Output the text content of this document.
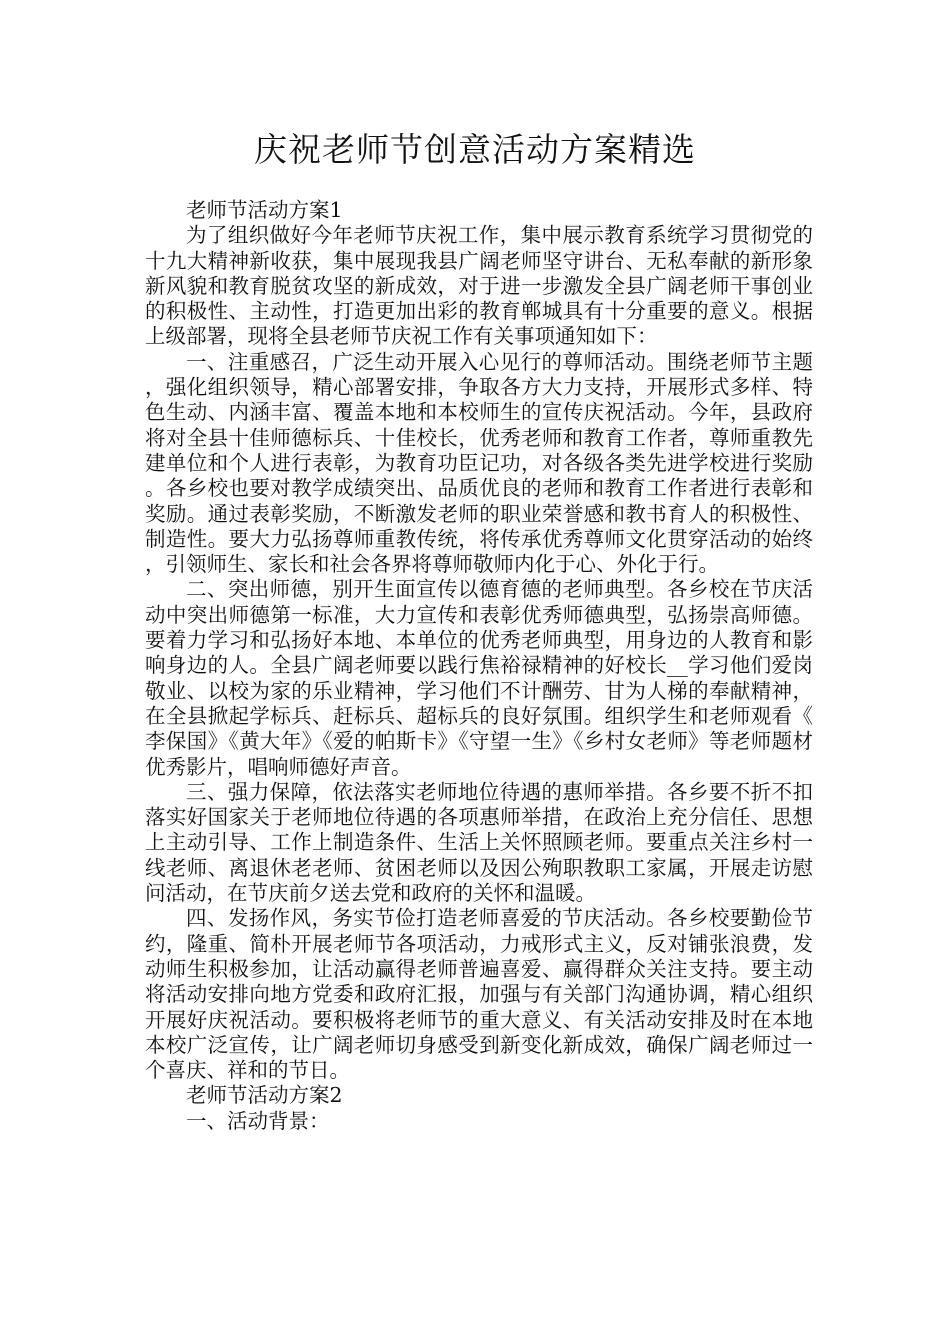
庆祝老师节创意活动方案精选

老师节活动方案1

为了组织做好今年老师节庆祝工作，集中展示教育系统学习贯彻党的十九大精神新收获，集中展现我县广阔老师坚守讲台、无私奉献的新形象新风貌和教育脱贫攻坚的新成效，对于进一步激发全县广阔老师干事创业的积极性、主动性，打造更加出彩的教育郸城具有十分重要的意义。根据上级部署，现将全县老师节庆祝工作有关事项通知如下：

一、注重感召，广泛生动开展入心见行的尊师活动。围绕老师节主题，强化组织领导，精心部署安排，争取各方大力支持，开展形式多样、特色生动、内涵丰富、覆盖本地和本校师生的宣传庆祝活动。今年，县政府将对全县十佳师德标兵、十佳校长，优秀老师和教育工作者，尊师重教先建单位和个人进行表彰，为教育功臣记功，对各级各类先进学校进行奖励。各乡校也要对教学成绩突出、品质优良的老师和教育工作者进行表彰和奖励。通过表彰奖励，不断激发老师的职业荣誉感和教书育人的积极性、制造性。要大力弘扬尊师重教传统，将传承优秀尊师文化贯穿活动的始终，引领师生、家长和社会各界将尊师敬师内化于心、外化于行。

二、突出师德，别开生面宣传以德育德的老师典型。各乡校在节庆活动中突出师德第一标准，大力宣传和表彰优秀师德典型，弘扬崇高师德。要着力学习和弘扬好本地、本单位的优秀老师典型，用身边的人教育和影响身边的人。全县广阔老师要以践行焦裕禄精神的好校长__学习他们爱岗敬业、以校为家的乐业精神，学习他们不计酬劳、甘为人梯的奉献精神，在全县掀起学标兵、赶标兵、超标兵的良好氛围。组织学生和老师观看《李保国》《黄大年》《爱的帕斯卡》《守望一生》《乡村女老师》等老师题材优秀影片，唱响师德好声音。

三、强力保障，依法落实老师地位待遇的惠师举措。各乡要不折不扣落实好国家关于老师地位待遇的各项惠师举措，在政治上充分信任、思想上主动引导、工作上制造条件、生活上关怀照顾老师。要重点关注乡村一线老师、离退休老老师、贫困老师以及因公殉职教职工家属，开展走访慰问活动，在节庆前夕送去党和政府的关怀和温暖。

四、发扬作风，务实节俭打造老师喜爱的节庆活动。各乡校要勤俭节约，隆重、简朴开展老师节各项活动，力戒形式主义，反对铺张浪费，发动师生积极参加，让活动赢得老师普遍喜爱、赢得群众关注支持。要主动将活动安排向地方党委和政府汇报，加强与有关部门沟通协调，精心组织开展好庆祝活动。要积极将老师节的重大意义、有关活动安排及时在本地本校广泛宣传，让广阔老师切身感受到新变化新成效，确保广阔老师过一个喜庆、祥和的节日。

老师节活动方案2

一、活动背景：
